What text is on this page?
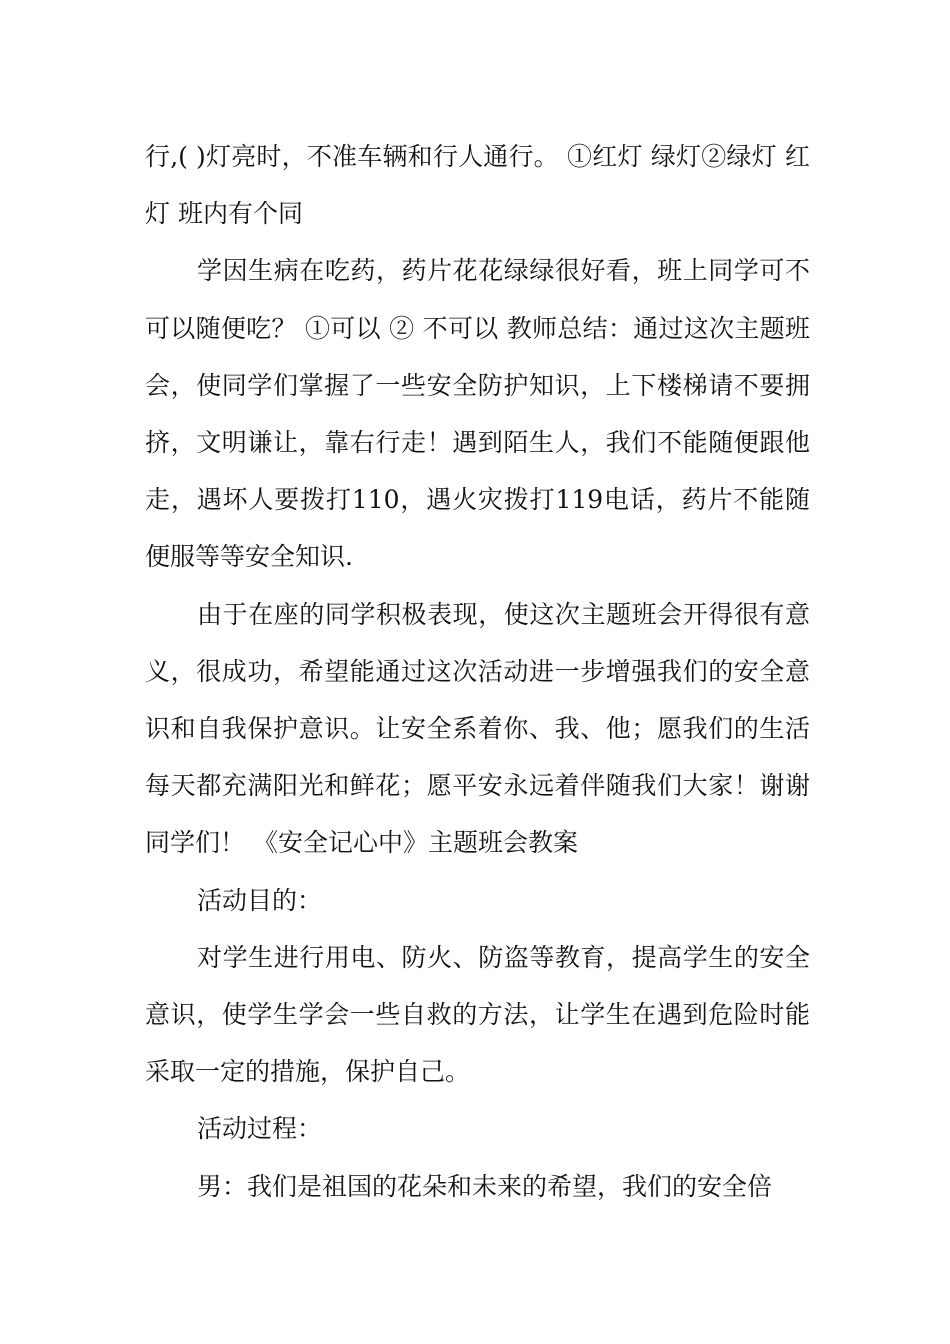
行,( )灯亮时，不准车辆和行人通行。 ①红灯 绿灯②绿灯 红灯 班内有个同

学因生病在吃药，药片花花绿绿很好看，班上同学可不可以随便吃？ ①可以 ② 不可以 教师总结：通过这次主题班会，使同学们掌握了一些安全防护知识，上下楼梯请不要拥挤，文明谦让，靠右行走！遇到陌生人，我们不能随便跟他走，遇坏人要拨打110，遇火灾拨打119电话，药片不能随便服等等安全知识.

由于在座的同学积极表现，使这次主题班会开得很有意义，很成功，希望能通过这次活动进一步增强我们的安全意识和自我保护意识。让安全系着你、我、他；愿我们的生活每天都充满阳光和鲜花；愿平安永远着伴随我们大家！谢谢同学们！ 《安全记心中》主题班会教案

活动目的：

对学生进行用电、防火、防盗等教育，提高学生的安全意识，使学生学会一些自救的方法，让学生在遇到危险时能采取一定的措施，保护自己。

活动过程：

男：我们是祖国的花朵和未来的希望，我们的安全倍
